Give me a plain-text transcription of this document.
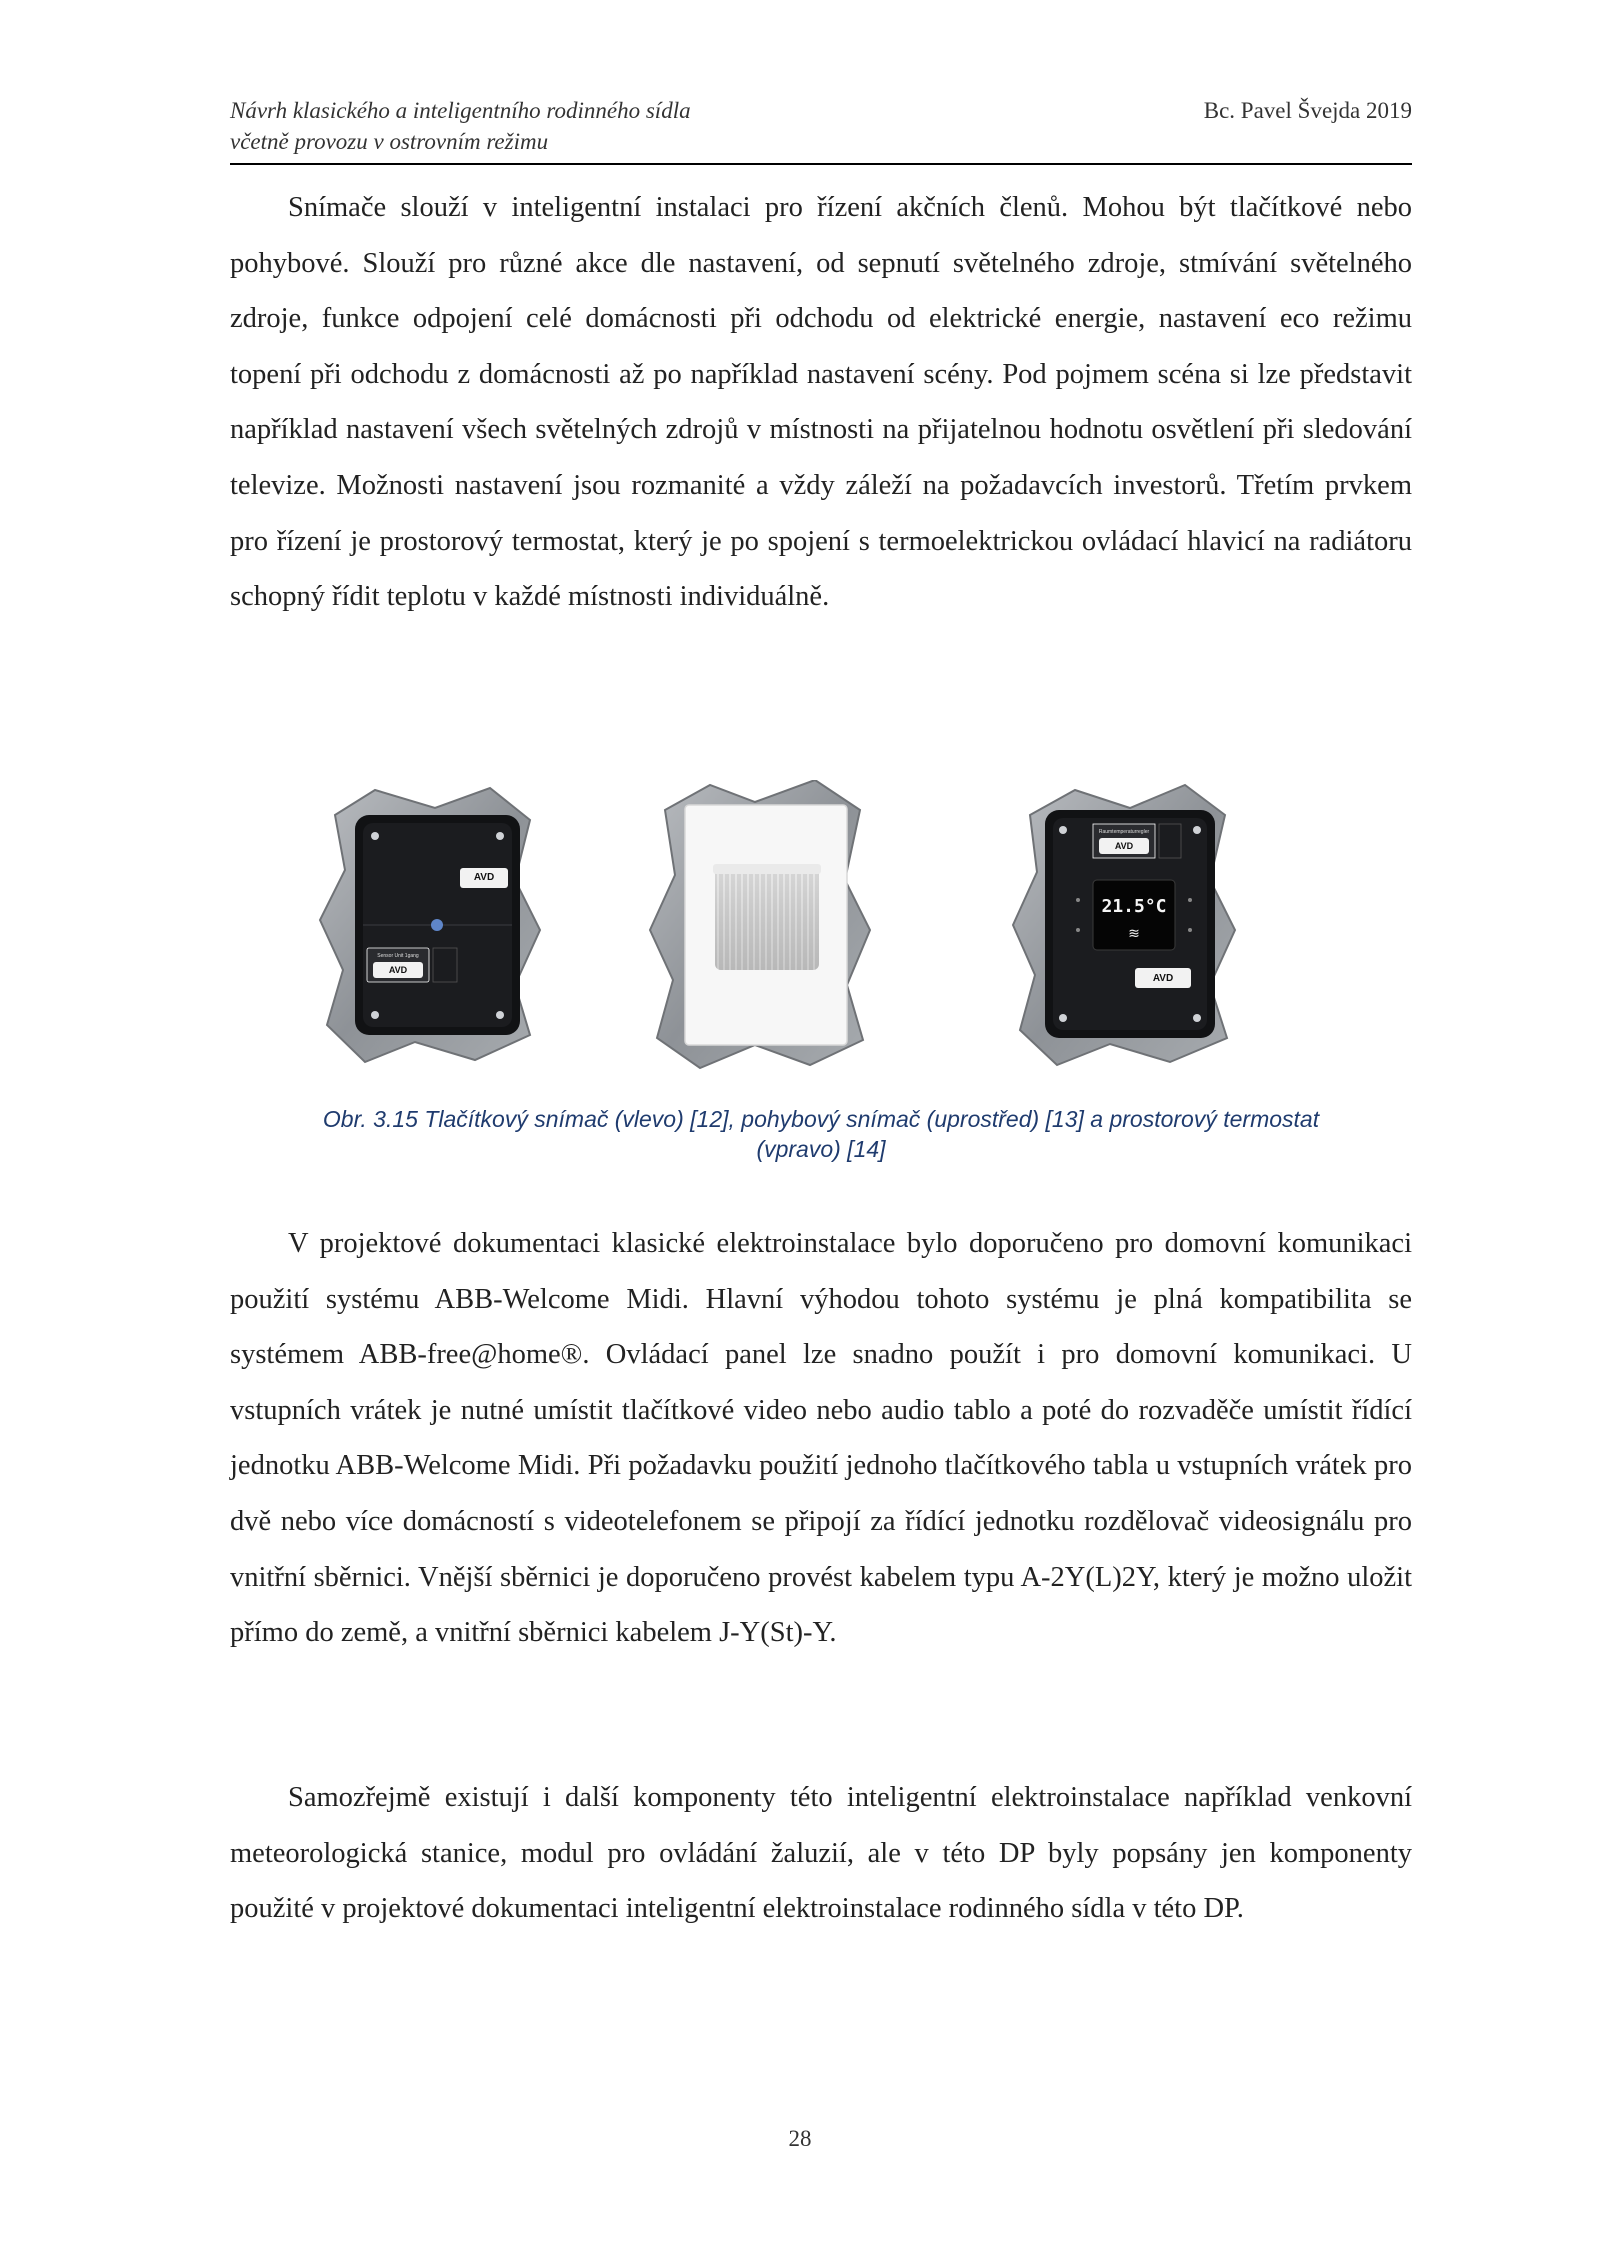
Návrh klasického a inteligentního rodinného sídla
včetně provozu v ostrovním režimu
Bc. Pavel Švejda 2019

Snímače slouží v inteligentní instalaci pro řízení akčních členů. Mohou být tlačítkové nebo pohybové. Slouží pro různé akce dle nastavení, od sepnutí světelného zdroje, stmívání světelného zdroje, funkce odpojení celé domácnosti při odchodu od elektrické energie, nastavení eco režimu topení při odchodu z domácnosti až po například nastavení scény. Pod pojmem scéna si lze představit například nastavení všech světelných zdrojů v místnosti na přijatelnou hodnotu osvětlení při sledování televize. Možnosti nastavení jsou rozmanité a vždy záleží na požadavcích investorů. Třetím prvkem pro řízení je prostorový termostat, který je po spojení s termoelektrickou ovládací hlavicí na radiátoru schopný řídit teplotu v každé místnosti individuálně.

AVD
Sensor Unit 1gang
AVD
Raumtemperaturregler
AVD
21.5°C
≋
AVD
Obr. 3.15 Tlačítkový snímač (vlevo) [12], pohybový snímač (uprostřed) [13] a prostorový termostat
(vpravo) [14]

V projektové dokumentaci klasické elektroinstalace bylo doporučeno pro domovní komunikaci použití systému ABB-Welcome Midi. Hlavní výhodou tohoto systému je plná kompatibilita se systémem ABB-free@home®. Ovládací panel lze snadno použít i pro domovní komunikaci. U vstupních vrátek je nutné umístit tlačítkové video nebo audio tablo a poté do rozvaděče umístit řídící jednotku ABB-Welcome Midi. Při požadavku použití jednoho tlačítkového tabla u vstupních vrátek pro dvě nebo více domácností s videotelefonem se připojí za řídící jednotku rozdělovač videosignálu pro vnitřní sběrnici. Vnější sběrnici je doporučeno provést kabelem typu A-2Y(L)2Y, který je možno uložit přímo do země, a vnitřní sběrnici kabelem J-Y(St)-Y.

Samozřejmě existují i další komponenty této inteligentní elektroinstalace například venkovní meteorologická stanice, modul pro ovládání žaluzií, ale v této DP byly popsány jen komponenty použité v projektové dokumentaci inteligentní elektroinstalace rodinného sídla v této DP.

28
